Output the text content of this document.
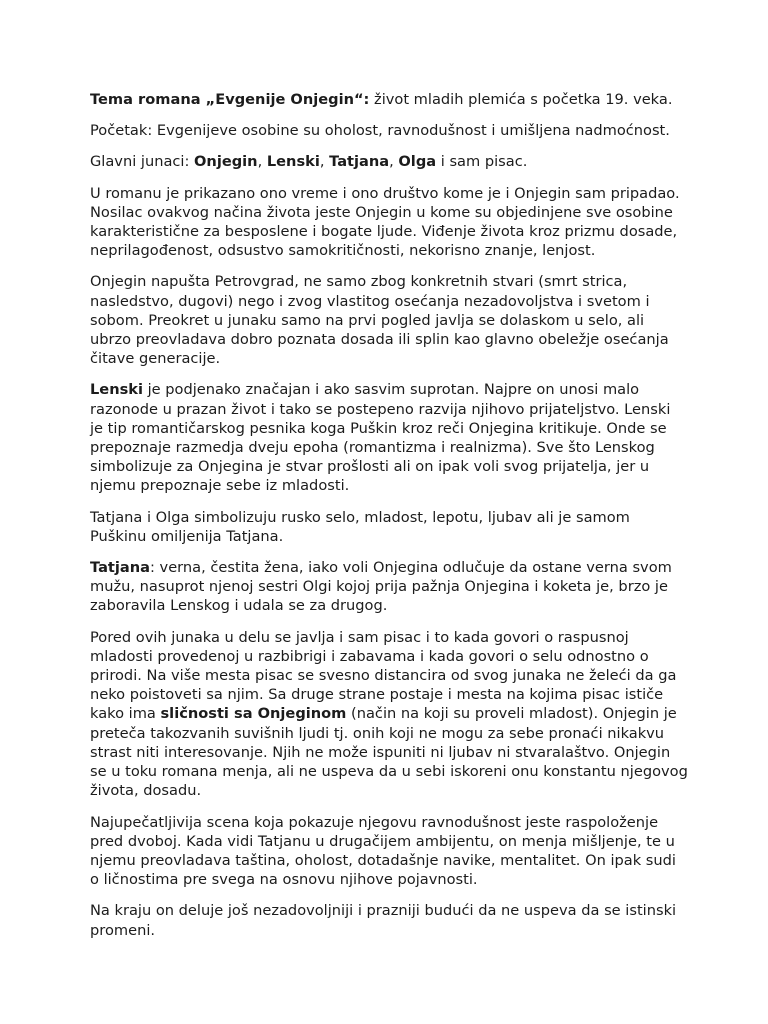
Tema romana „Evgenije Onjegin“: život mladih plemića s početka 19. veka.

Početak: Evgenijeve osobine su oholost, ravnodušnost i umišljena nadmoćnost.

Glavni junaci: Onjegin, Lenski, Tatjana, Olga i sam pisac.

U romanu je prikazano ono vreme i ono društvo kome je i Onjegin sam pripadao. Nosilac ovakvog načina života jeste Onjegin u kome su objedinjene sve osobine karakteristične za besposlene i bogate ljude. Viđenje života kroz prizmu dosade, neprilagođenost, odsustvo samokritičnosti, nekorisno znanje, lenjost.

Onjegin napušta Petrovgrad, ne samo zbog konkretnih stvari (smrt strica, nasledstvo, dugovi) nego i zvog vlastitog osećanja nezadovoljstva i svetom i sobom. Preokret u junaku samo na prvi pogled javlja se dolaskom u selo, ali ubrzo preovladava dobro poznata dosada ili splin kao glavno obeležje osećanja čitave generacije.

Lenski je podjenako značajan i ako sasvim suprotan. Najpre on unosi malo razonode u prazan život i tako se postepeno razvija njihovo prijateljstvo. Lenski je tip romantičarskog pesnika koga Puškin kroz reči Onjegina kritikuje. Onde se prepoznaje razmedja dveju epoha (romantizma i realnizma). Sve što Lenskog simbolizuje za Onjegina je stvar prošlosti ali on ipak voli svog prijatelja, jer u njemu prepoznaje sebe iz mladosti.

Tatjana i Olga simbolizuju rusko selo, mladost, lepotu, ljubav ali je samom Puškinu omiljenija Tatjana.

Tatjana: verna, čestita žena, iako voli Onjegina odlučuje da ostane verna svom mužu, nasuprot njenoj sestri Olgi kojoj prija pažnja Onjegina i koketa je, brzo je zaboravila Lenskog i udala se za drugog.

Pored ovih junaka u delu se javlja i sam pisac i to kada govori o raspusnoj mladosti provedenoj u razbibrigi i zabavama i kada govori o selu odnostno o prirodi. Na više mesta pisac se svesno distancira od svog junaka ne želeći da ga neko poistoveti sa njim. Sa druge strane postaje i mesta na kojima pisac ističe kako ima sličnosti sa Onjeginom (način na koji su proveli mladost). Onjegin je preteča takozvanih suvišnih ljudi tj. onih koji ne mogu za sebe pronaći nikakvu strast niti interesovanje. Njih ne može ispuniti ni ljubav ni stvaralaštvo. Onjegin se u toku romana menja, ali ne uspeva da u sebi iskoreni onu konstantu njegovog života, dosadu.

Najupečatljivija scena koja pokazuje njegovu ravnodušnost jeste raspoloženje pred dvoboj. Kada vidi Tatjanu u drugačijem ambijentu, on menja mišljenje, te u njemu preovladava taština, oholost, dotadašnje navike, mentalitet. On ipak sudi o ličnostima pre svega na osnovu njihove pojavnosti.

Na kraju on deluje još nezadovoljniji i prazniji budući da ne uspeva da se istinski promeni.
